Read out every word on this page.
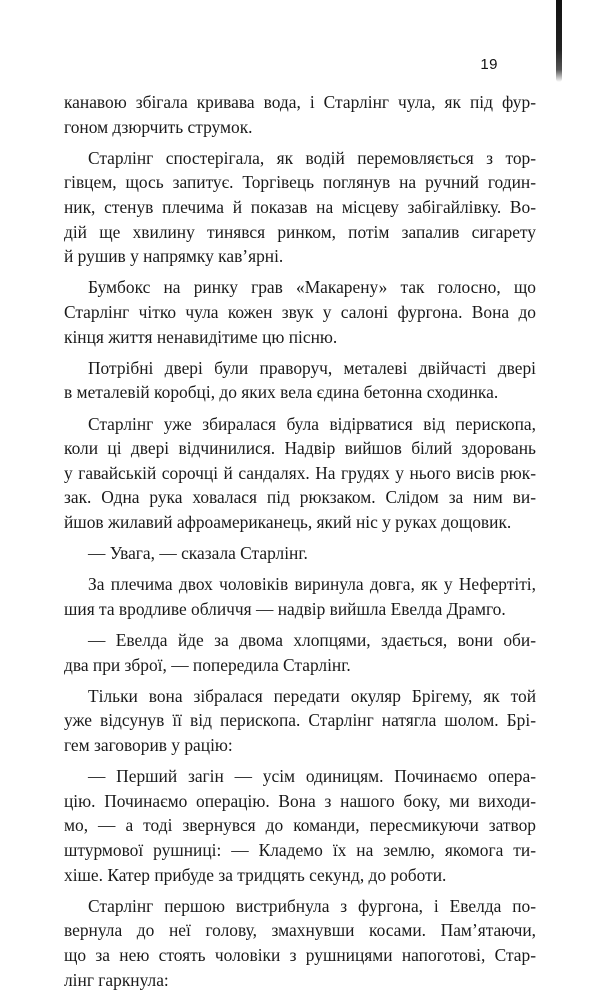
19

канавою збігала кривава вода, і Старлінг чула, як під фур-
гоном дзюрчить струмок.

Старлінг спостерігала, як водій перемовляється з тор-
гівцем, щось запитує. Торгівець поглянув на ручний годин-
ник, стенув плечима й показав на місцеву забігайлівку. Во-
дій ще хвилину тинявся ринком, потім запалив сигарету
й рушив у напрямку кав’ярні.

Бумбокс на ринку грав «Макарену» так голосно, що
Старлінг чітко чула кожен звук у салоні фургона. Вона до
кінця життя ненавидітиме цю пісню.

Потрібні двері були праворуч, металеві двійчасті двері
в металевій коробці, до яких вела єдина бетонна сходинка.

Старлінг уже збиралася була відірватися від перископа,
коли ці двері відчинилися. Надвір вийшов білий здоровань
у гавайській сорочці й сандалях. На грудях у нього висів рюк-
зак. Одна рука ховалася під рюкзаком. Слідом за ним ви-
йшов жилавий афроамериканець, який ніс у руках дощовик.

— Увага, — сказала Старлінг.

За плечима двох чоловіків виринула довга, як у Нефертіті,
шия та вродливе обличчя — надвір вийшла Евелда Драмго.

— Евелда йде за двома хлопцями, здається, вони оби-
два при зброї, — попередила Старлінг.

Тільки вона зібралася передати окуляр Брігему, як той
уже відсунув її від перископа. Старлінг натягла шолом. Брі-
гем заговорив у рацію:

— Перший загін — усім одиницям. Починаємо опера-
цію. Починаємо операцію. Вона з нашого боку, ми виходи-
мо, — а тоді звернувся до команди, пересмикуючи затвор
штурмової рушниці: — Кладемо їх на землю, якомога ти-
хіше. Катер прибуде за тридцять секунд, до роботи.

Старлінг першою вистрибнула з фургона, і Евелда по-
вернула до неї голову, змахнувши косами. Пам’ятаючи,
що за нею стоять чоловіки з рушницями напоготові, Стар-
лінг гаркнула:
